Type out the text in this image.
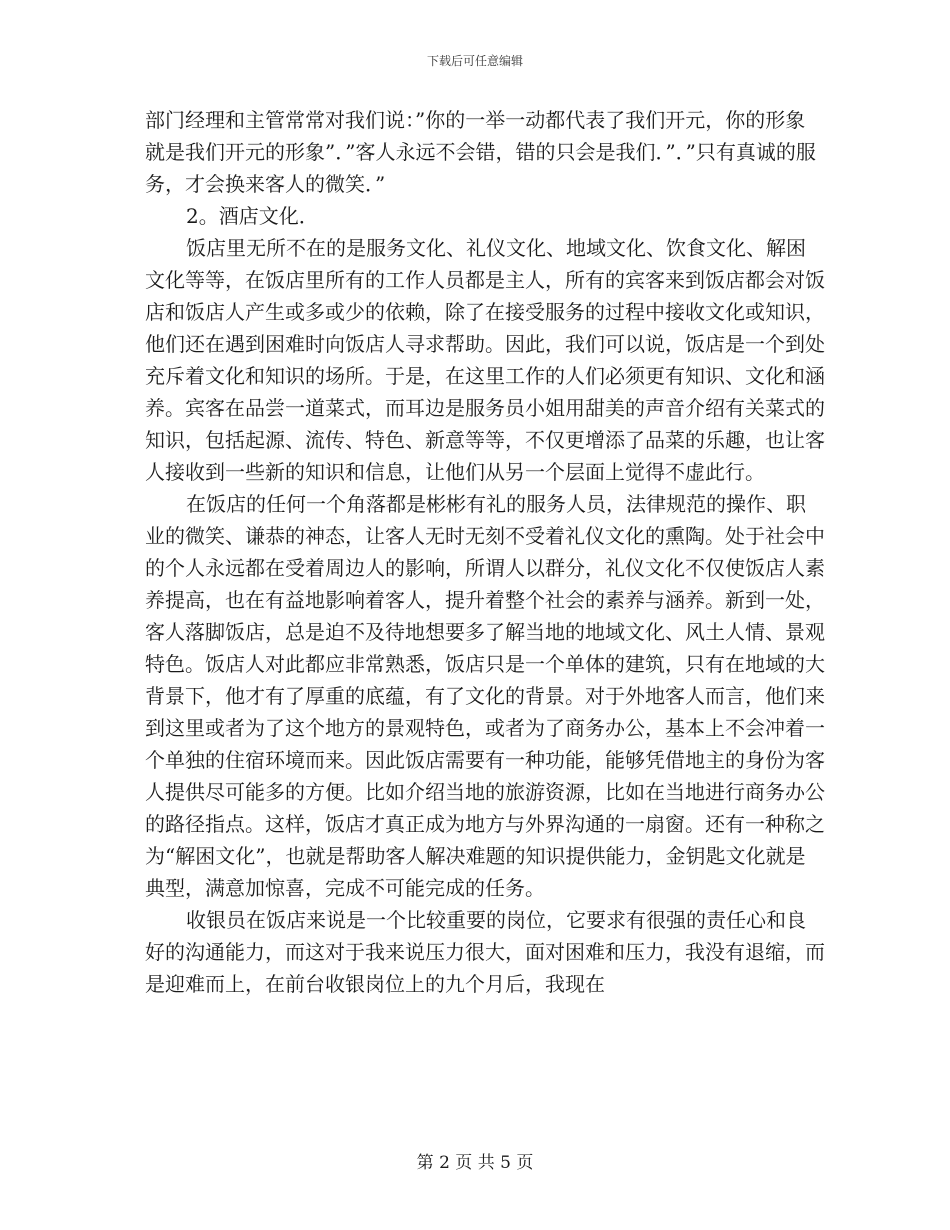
下载后可任意编辑

部门经理和主管常常对我们说：”你的一举一动都代表了我们开元，你的形象就是我们开元的形象”．”客人永远不会错，错的只会是我们．”．”只有真诚的服务，才会换来客人的微笑．”

2。酒店文化．

饭店里无所不在的是服务文化、礼仪文化、地域文化、饮食文化、解困文化等等，在饭店里所有的工作人员都是主人，所有的宾客来到饭店都会对饭店和饭店人产生或多或少的依赖，除了在接受服务的过程中接收文化或知识，他们还在遇到困难时向饭店人寻求帮助。因此，我们可以说，饭店是一个到处充斥着文化和知识的场所。于是，在这里工作的人们必须更有知识、文化和涵养。宾客在品尝一道菜式，而耳边是服务员小姐用甜美的声音介绍有关菜式的知识，包括起源、流传、特色、新意等等，不仅更增添了品菜的乐趣，也让客人接收到一些新的知识和信息，让他们从另一个层面上觉得不虚此行。

在饭店的任何一个角落都是彬彬有礼的服务人员，法律规范的操作、职业的微笑、谦恭的神态，让客人无时无刻不受着礼仪文化的熏陶。处于社会中的个人永远都在受着周边人的影响，所谓人以群分，礼仪文化不仅使饭店人素养提高，也在有益地影响着客人，提升着整个社会的素养与涵养。新到一处，客人落脚饭店，总是迫不及待地想要多了解当地的地域文化、风土人情、景观特色。饭店人对此都应非常熟悉，饭店只是一个单体的建筑，只有在地域的大背景下，他才有了厚重的底蕴，有了文化的背景。对于外地客人而言，他们来到这里或者为了这个地方的景观特色，或者为了商务办公，基本上不会冲着一个单独的住宿环境而来。因此饭店需要有一种功能，能够凭借地主的身份为客人提供尽可能多的方便。比如介绍当地的旅游资源，比如在当地进行商务办公的路径指点。这样，饭店才真正成为地方与外界沟通的一扇窗。还有一种称之为“解困文化”，也就是帮助客人解决难题的知识提供能力，金钥匙文化就是典型，满意加惊喜，完成不可能完成的任务。

收银员在饭店来说是一个比较重要的岗位，它要求有很强的责任心和良好的沟通能力，而这对于我来说压力很大，面对困难和压力，我没有退缩，而是迎难而上，在前台收银岗位上的九个月后，我现在

第 2 页 共 5 页
